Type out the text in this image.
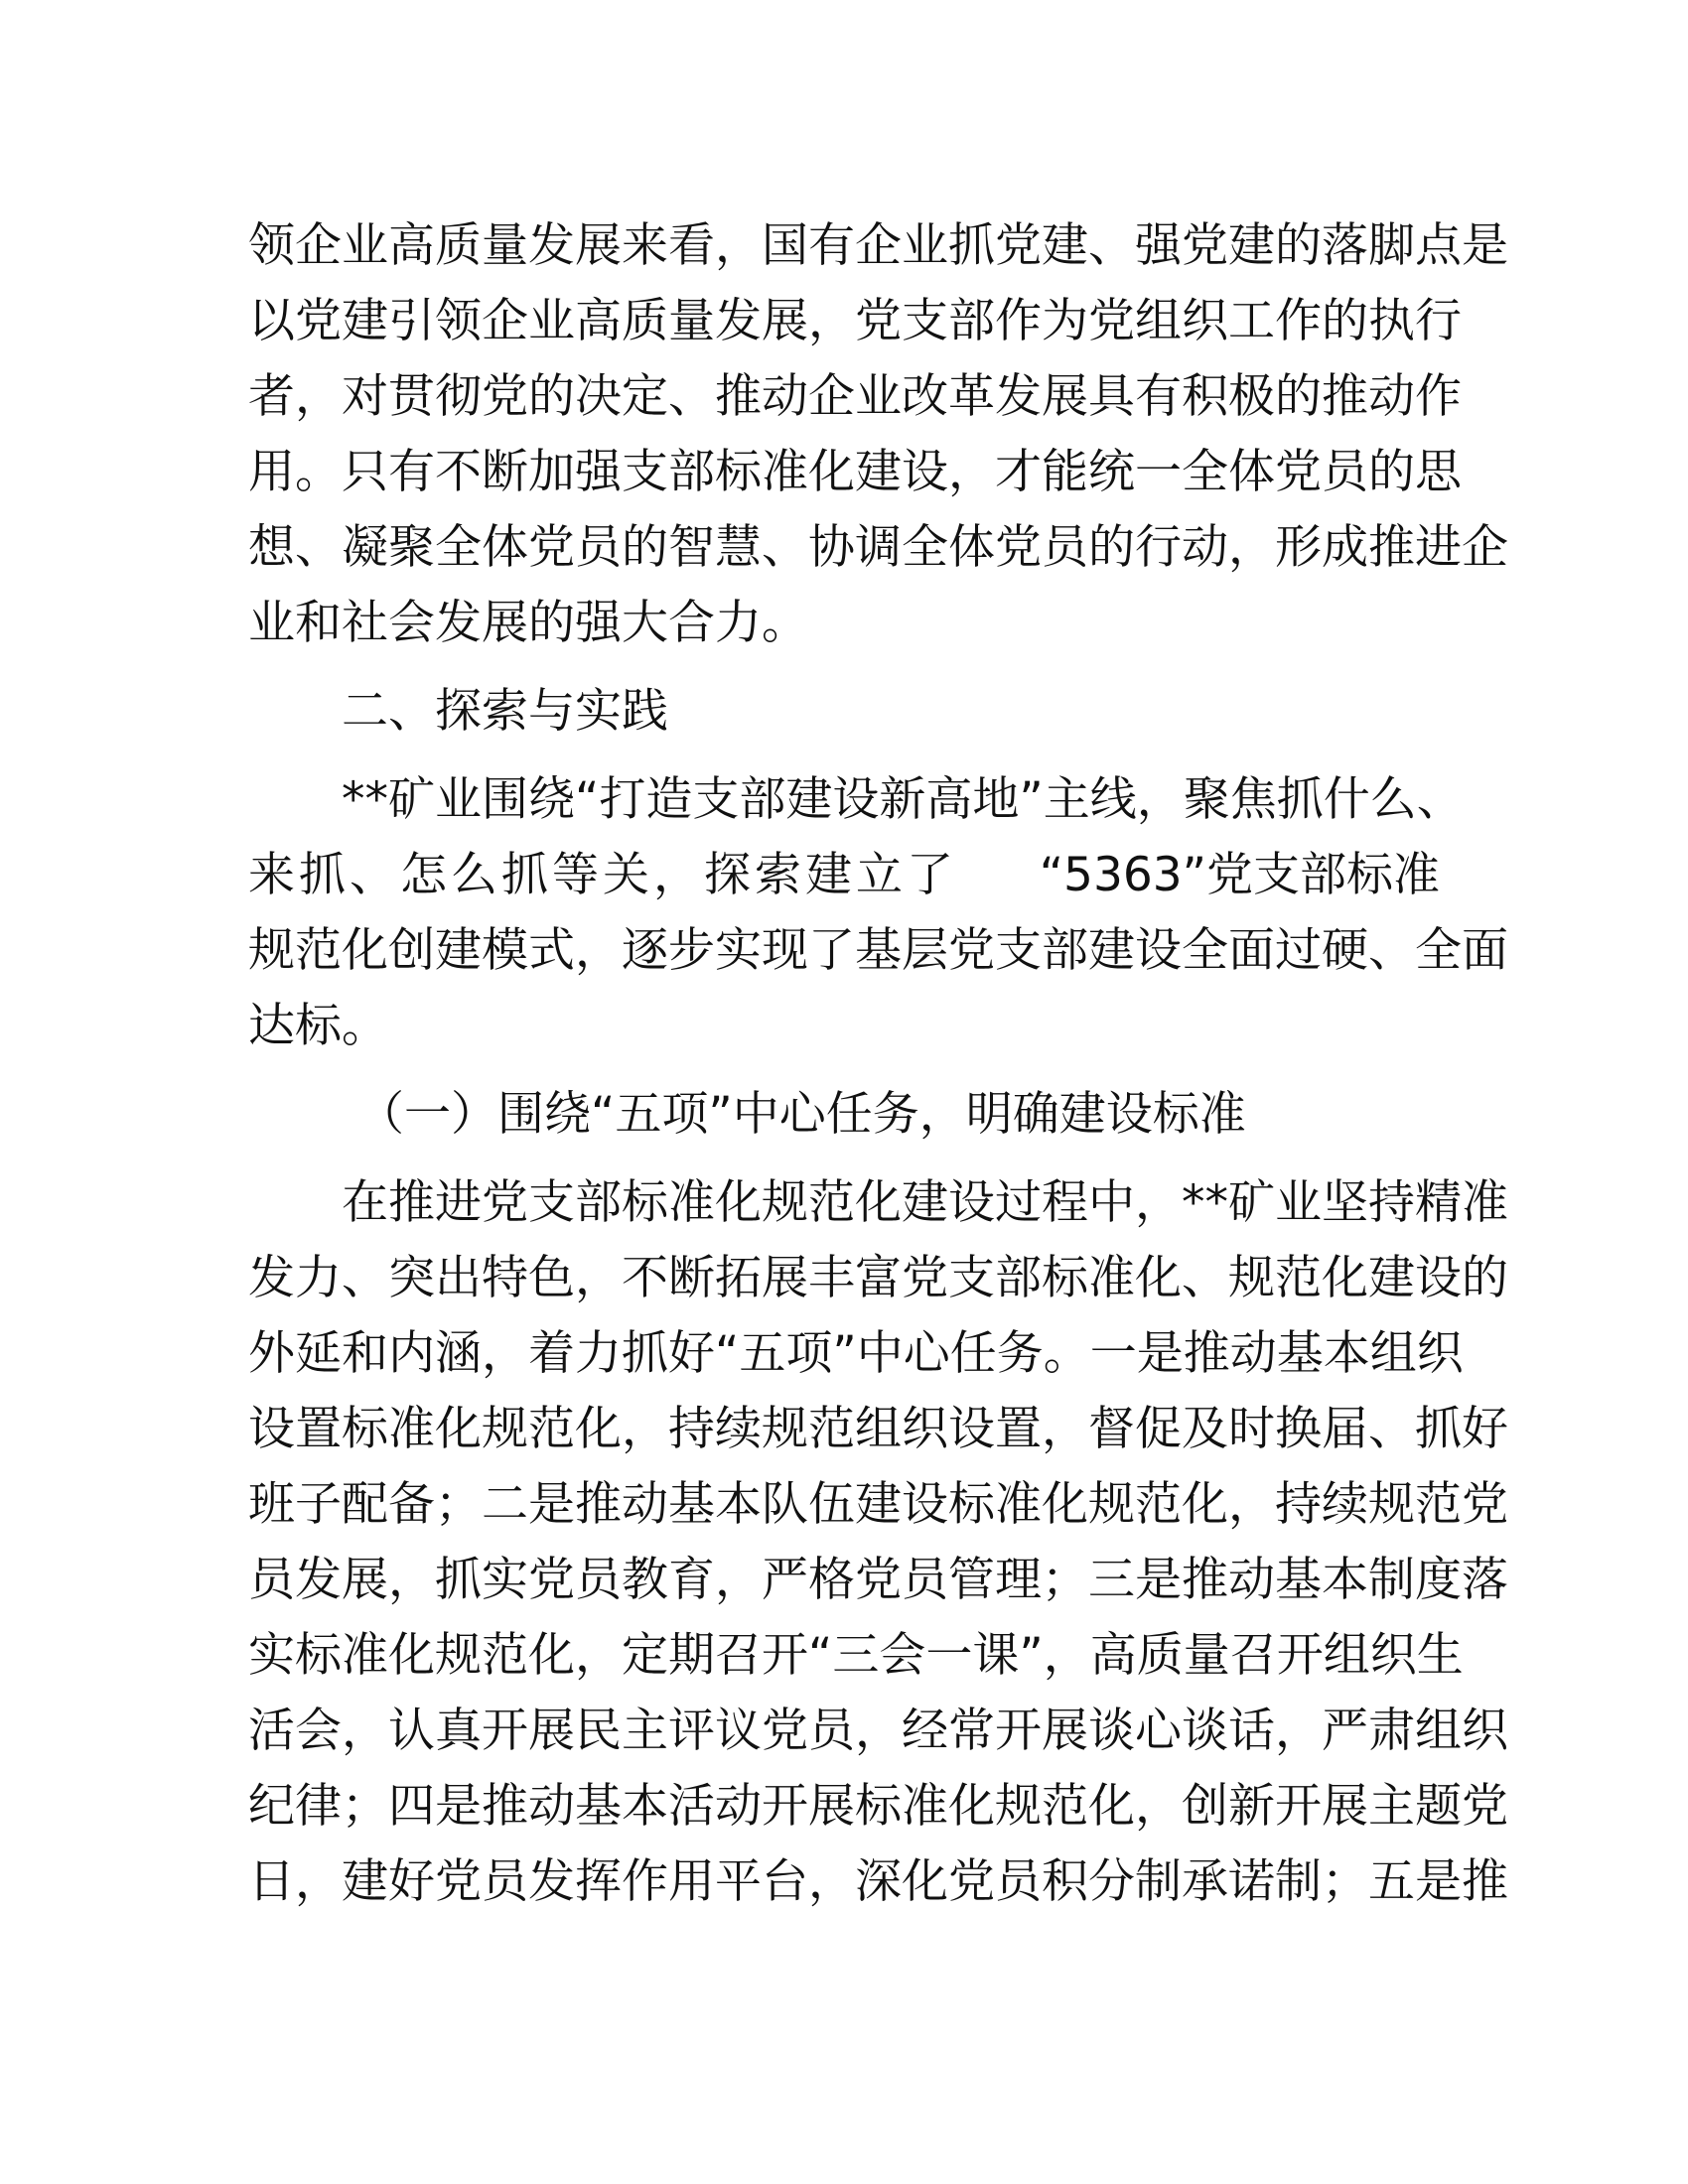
领企业高质量发展来看，国有企业抓党建、强党建的落脚点是
以党建引领企业高质量发展，党支部作为党组织工作的执行
者，对贯彻党的决定、推动企业改革发展具有积极的推动作
用。只有不断加强支部标准化建设，才能统一全体党员的思
想、凝聚全体党员的智慧、协调全体党员的行动，形成推进企
业和社会发展的强大合力。
二、探索与实践
**矿业围绕“打造支部建设新高地”主线，聚焦抓什么、
来抓、怎么抓等关，探索建立了 “5363”党支部标准
规范化创建模式，逐步实现了基层党支部建设全面过硬、全面
达标。
（一）围绕“五项”中心任务，明确建设标准
在推进党支部标准化规范化建设过程中，**矿业坚持精准
发力、突出特色，不断拓展丰富党支部标准化、规范化建设的
外延和内涵，着力抓好“五项”中心任务。一是推动基本组织
设置标准化规范化，持续规范组织设置，督促及时换届、抓好
班子配备；二是推动基本队伍建设标准化规范化，持续规范党
员发展，抓实党员教育，严格党员管理；三是推动基本制度落
实标准化规范化，定期召开“三会一课”，高质量召开组织生
活会，认真开展民主评议党员，经常开展谈心谈话，严肃组织
纪律；四是推动基本活动开展标准化规范化，创新开展主题党
日，建好党员发挥作用平台，深化党员积分制承诺制；五是推
